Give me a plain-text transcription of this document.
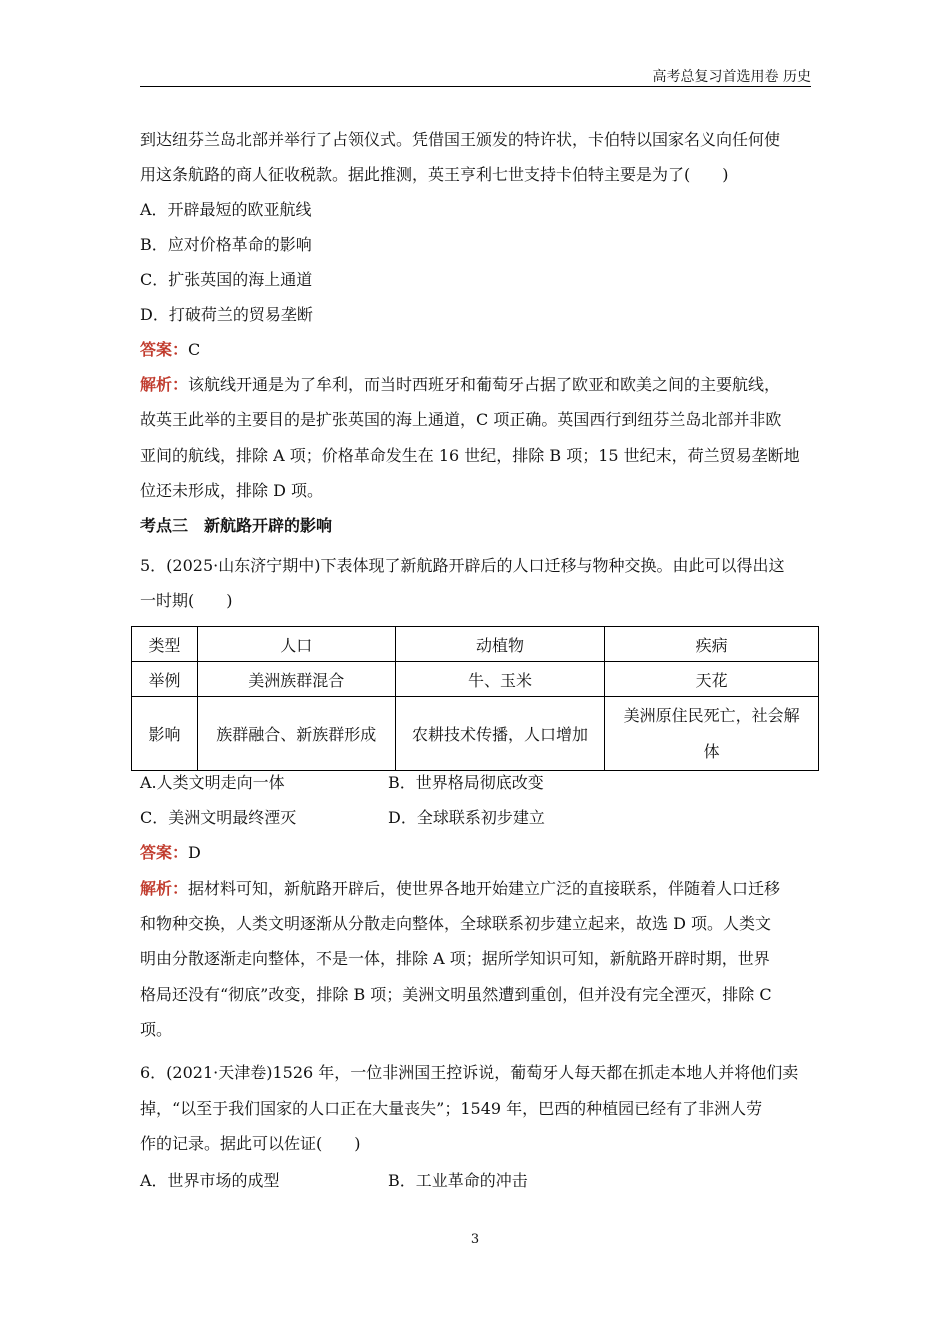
高考总复习首选用卷 历史
到达纽芬兰岛北部并举行了占领仪式。凭借国王颁发的特许状，卡伯特以国家名义向任何使
用这条航路的商人征收税款。据此推测，英王亨利七世支持卡伯特主要是为了(　　)
A．开辟最短的欧亚航线
B．应对价格革命的影响
C．扩张英国的海上通道
D．打破荷兰的贸易垄断
答案：C
解析：该航线开通是为了牟利，而当时西班牙和葡萄牙占据了欧亚和欧美之间的主要航线，
故英王此举的主要目的是扩张英国的海上通道，C 项正确。英国西行到纽芬兰岛北部并非欧
亚间的航线，排除 A 项；价格革命发生在 16 世纪，排除 B 项；15 世纪末，荷兰贸易垄断地
位还未形成，排除 D 项。
考点三　新航路开辟的影响
5．(2025·山东济宁期中)下表体现了新航路开辟后的人口迁移与物种交换。由此可以得出这
一时期(　　)
类型	人口	动植物	疾病
举例	美洲族群混合	牛、玉米	天花
影响	族群融合、新族群形成	农耕技术传播，人口增加	美洲原住民死亡，社会解
体
A.人类文明走向一体	B．世界格局彻底改变
C．美洲文明最终湮灭	D．全球联系初步建立
答案：D
解析：据材料可知，新航路开辟后，使世界各地开始建立广泛的直接联系，伴随着人口迁移
和物种交换，人类文明逐渐从分散走向整体，全球联系初步建立起来，故选 D 项。人类文
明由分散逐渐走向整体，不是一体，排除 A 项；据所学知识可知，新航路开辟时期，世界
格局还没有“彻底”改变，排除 B 项；美洲文明虽然遭到重创，但并没有完全湮灭，排除 C
项。
6．(2021·天津卷)1526 年，一位非洲国王控诉说，葡萄牙人每天都在抓走本地人并将他们卖
掉，“以至于我们国家的人口正在大量丧失”；1549 年，巴西的种植园已经有了非洲人劳
作的记录。据此可以佐证(　　)
A．世界市场的成型	B．工业革命的冲击
3
